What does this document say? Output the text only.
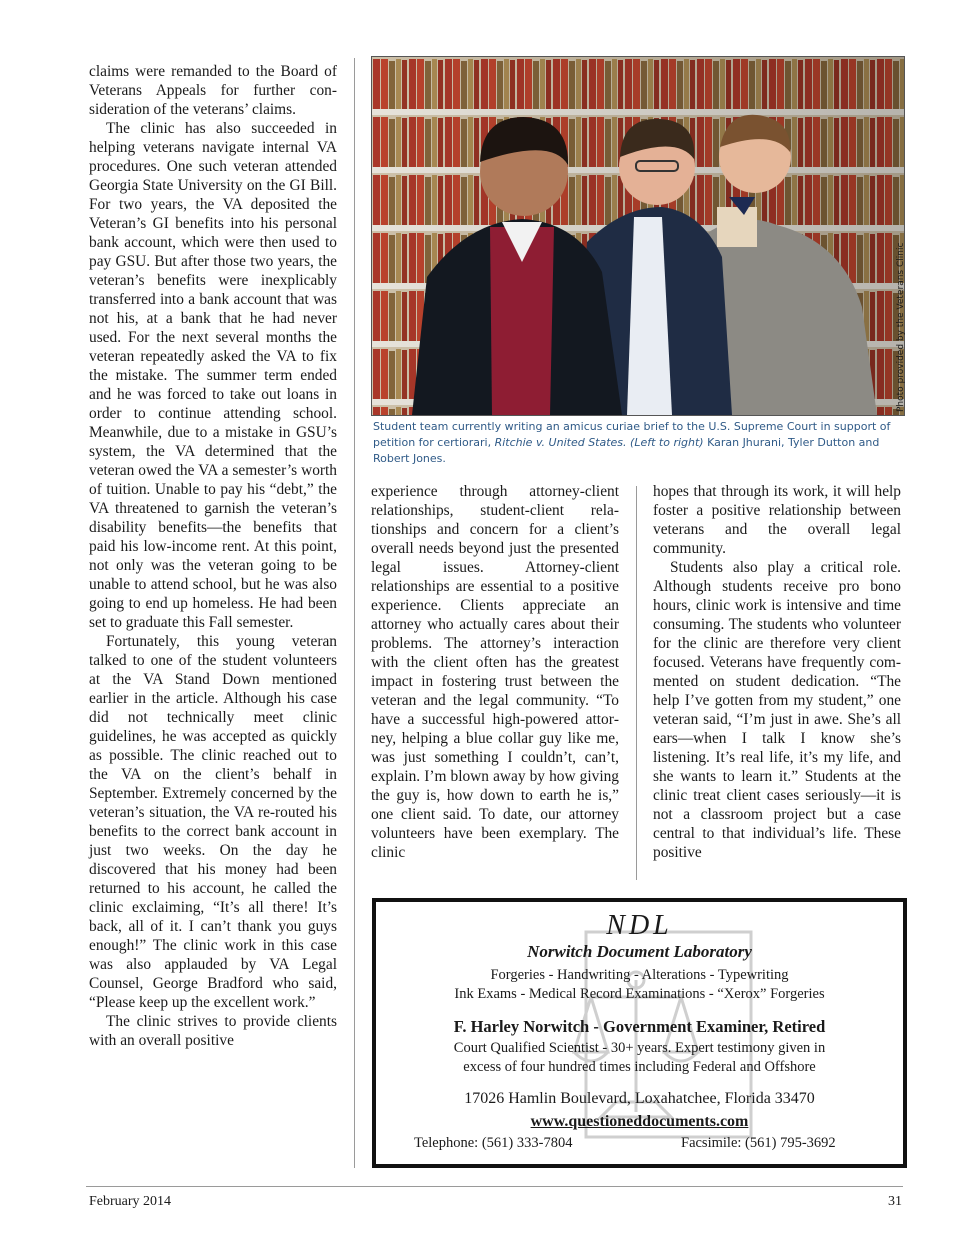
claims were remanded to the Board of Veterans Appeals for further consideration of the veterans’ claims.

The clinic has also succeeded in helping veterans navigate internal VA procedures. One such veteran attended Georgia State University on the GI Bill. For two years, the VA deposited the Veteran’s GI benefits into his personal bank account, which were then used to pay GSU. But after those two years, the veteran’s benefits were inexplicably transferred into a bank account that was not his, at a bank that he had never used. For the next several months the veteran repeatedly asked the VA to fix the mistake. The summer term ended and he was forced to take out loans in order to continue attending school. Meanwhile, due to a mistake in GSU’s system, the VA determined that the veteran owed the VA a semester’s worth of tuition. Unable to pay his “debt,” the VA threatened to garnish the veteran’s disability benefits—the benefits that paid his low-income rent. At this point, not only was the veteran going to be unable to attend school, but he was also going to end up homeless. He had been set to graduate this Fall semester.

Fortunately, this young veteran talked to one of the student volunteers at the VA Stand Down mentioned earlier in the article. Although his case did not technically meet clinic guidelines, he was accepted as quickly as possible. The clinic reached out to the VA on the client’s behalf in September. Extremely concerned by the veteran’s situation, the VA re-routed his benefits to the correct bank account in just two weeks. On the day he discovered that his money had been returned to his account, he called the clinic exclaiming, “It’s all there! It’s back, all of it. I can’t thank you guys enough!” The clinic work in this case was also applauded by VA Legal Counsel, George Bradford who said, “Please keep up the excellent work.”

The clinic strives to provide clients with an overall positive

Photo provided by the Veterans Clinic
Student team currently writing an amicus curiae brief to the U.S. Supreme Court in support of petition for certiorari, Ritchie v. United States. (Left to right) Karan Jhurani, Tyler Dutton and Robert Jones.

experience through attorney-client relationships, student-client relationships and concern for a client’s overall needs beyond just the presented legal issues. Attorney-client relationships are essential to a positive experience. Clients appreciate an attorney who actually cares about their problems. The attorney’s interaction with the client often has the greatest impact in fostering trust between the veteran and the legal community. “To have a successful high-powered attorney, helping a blue collar guy like me, was just something I couldn’t, can’t, explain. I’m blown away by how giving the guy is, how down to earth he is,” one client said. To date, our attorney volunteers have been exemplary. The clinic

hopes that through its work, it will help foster a positive relationship between veterans and the overall legal community.

Students also play a critical role. Although students receive pro bono hours, clinic work is intensive and time consuming. The students who volunteer for the clinic are therefore very client focused. Veterans have frequently commented on student dedication. “The help I’ve gotten from my student,” one veteran said, “I’m just in awe. She’s all ears—when I talk I know she’s listening. It’s real life, it’s my life, and she wants to learn it.” Students at the clinic treat client cases seriously—it is not a classroom project but a case central to that individual’s life. These positive

NDL
Norwitch Document Laboratory
Forgeries - Handwriting - Alterations - Typewriting
Ink Exams - Medical Record Examinations - “Xerox” Forgeries
F. Harley Norwitch - Government Examiner, Retired
Court Qualified Scientist - 30+ years. Expert testimony given in
excess of four hundred times including Federal and Offshore
17026 Hamlin Boulevard, Loxahatchee, Florida 33470
www.questioneddocuments.com
Telephone: (561) 333-7804	Facsimile: (561) 795-3692
February 2014	31
